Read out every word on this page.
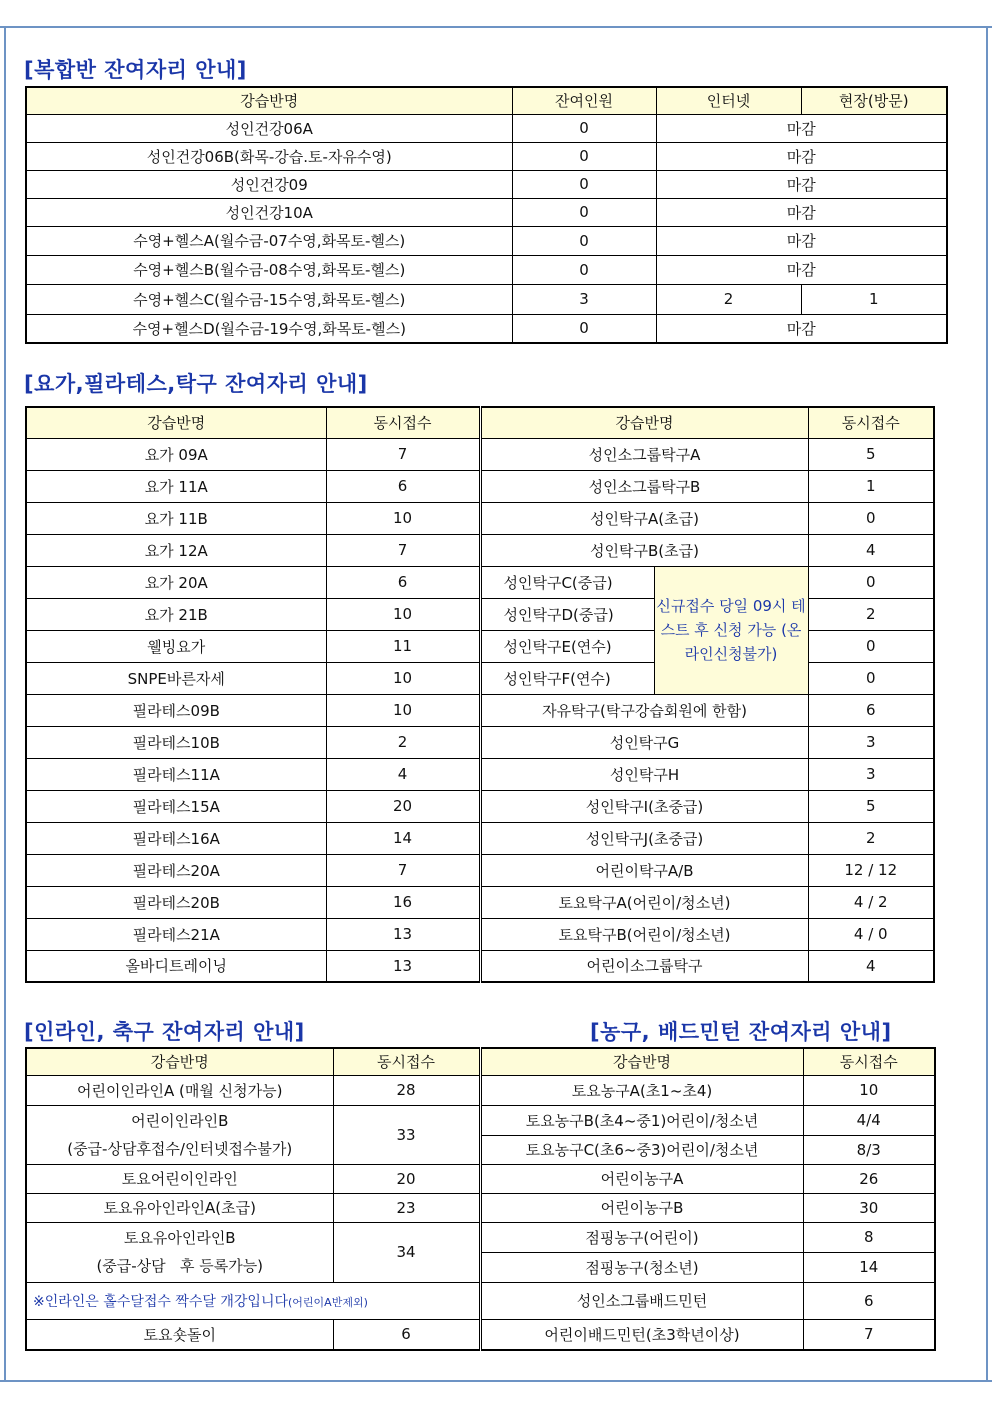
[복합반 잔여자리 안내]
강습반명	잔여인원	인터넷	현장(방문)
성인건강06A	0	마감	
성인건강06B(화목-강습.토-자유수영)	0	마감	
성인건강09	0	마감	
성인건강10A	0	마감	
수영+헬스A(월수금-07수영,화목토-헬스)	0	마감	
수영+헬스B(월수금-08수영,화목토-헬스)	0	마감	
수영+헬스C(월수금-15수영,화목토-헬스)	3	2	1
수영+헬스D(월수금-19수영,화목토-헬스)	0	마감	
[요가,필라테스,탁구 잔여자리 안내]
강습반명	동시접수	강습반명		동시접수
요가 09A	7	성인소그룹탁구A		5
요가 11A	6	성인소그룹탁구B		1
요가 11B	10	성인탁구A(초급)		0
요가 12A	7	성인탁구B(초급)		4
요가 20A	6	성인탁구C(중급)	신규접수 당일 09시 테스트 후 신청 가능 (온라인신청불가)	0
요가 21B	10	성인탁구D(중급)		2
웰빙요가	11	성인탁구E(연수)		0
SNPE바른자세	10	성인탁구F(연수)		0
필라테스09B	10	자유탁구(탁구강습회원에 한함)		6
필라테스10B	2	성인탁구G		3
필라테스11A	4	성인탁구H		3
필라테스15A	20	성인탁구I(초중급)		5
필라테스16A	14	성인탁구J(초중급)		2
필라테스20A	7	어린이탁구A/B		12 / 12
필라테스20B	16	토요탁구A(어린이/청소년)		4 / 2
필라테스21A	13	토요탁구B(어린이/청소년)		4 / 0
올바디트레이닝	13	어린이소그룹탁구		4
[인라인, 축구 잔여자리 안내]	[농구, 배드민턴 잔여자리 안내]
강습반명	동시접수	강습반명	동시접수
어린이인라인A (매월 신청가능)	28	토요농구A(초1~초4)	10

어린이인라인B
(중급-상담후접수/인터넷접수불가)	33	토요농구B(초4~중1)어린이/청소년	4/4
		토요농구C(초6~중3)어린이/청소년	8/3
토요어린이인라인	20	어린이농구A	26
토요유아인라인A(초급)	23	어린이농구B	30

토요유아인라인B
(중급-상담   후 등록가능)	34	점핑농구(어린이)	8
		점핑농구(청소년)	14
※인라인은 홀수달접수 짝수달 개강입니다(어린이A반제외)		성인소그룹배드민턴	6
토요숏돌이	6	어린이배드민턴(초3학년이상)	7
